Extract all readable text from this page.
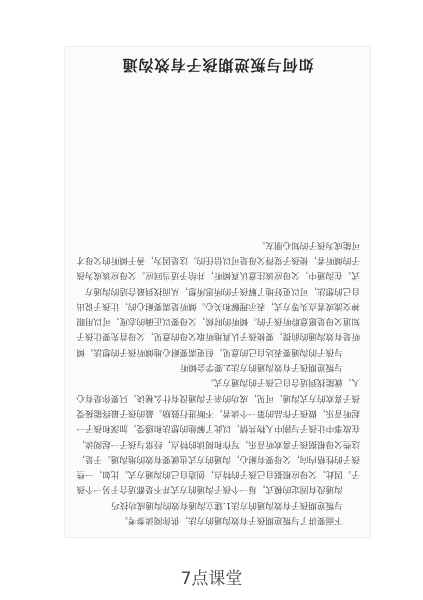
如何与叛逆期孩子有效沟通

下面要讲了与叛逆期孩子有效沟通的方法，供你阅读参考。

与叛逆期孩子有效沟通的方法1.建立沟通有效的沟通成功技巧

沟通没有固定的模式，每一个孩子沟通的方式并不是都适合于另一个孩子。因此，父母应根据自己孩子的特点，创造自己的沟通方式。比如，一些孩子的性格内向，父母要有耐心，沟通的方式也就要有效的地沟通。于是，这些父母根据孩子喜欢听音乐，写作和阅读的特点，经常与孩子一起阅读，在故事中让孩子与剧中人物共情，以此了解他的想法和感受，加深和孩子一起听音乐，做孩子作品的第一个读者，不断进行鼓励。最的孩子最终能接受孩子喜欢的方式沟通，可见，成功的亲子沟通没有什么秘诀，只要你是有心人，就能找到适合自己孩子的沟通方式。

与叛逆期孩子有效沟通的方法2.要学会倾听

与孩子的沟通要表达自己的意见，但更需要耐心地倾听孩子的想法。倾听是有效沟通的前提，要使孩子认真地听取父母的意见，父母首先要让孩子知道父母是愿意聆听孩子的。倾听的时候，父母要以正确的态度，可以用眼神交流或者点头等方式，表示理解和关心。倾听是需要耐心的，让孩子说出自己的想法，可以更好地了解孩子的所思所想，从而找到最合适的沟通方式。在沟通中，父母应该注意认真倾听，并给予适当回应。父母应该成为孩子的倾听者，使孩子觉得父母是可以信任的。这是因为，善于倾听的父母才可能成为孩子的知心朋友。

7点课堂
